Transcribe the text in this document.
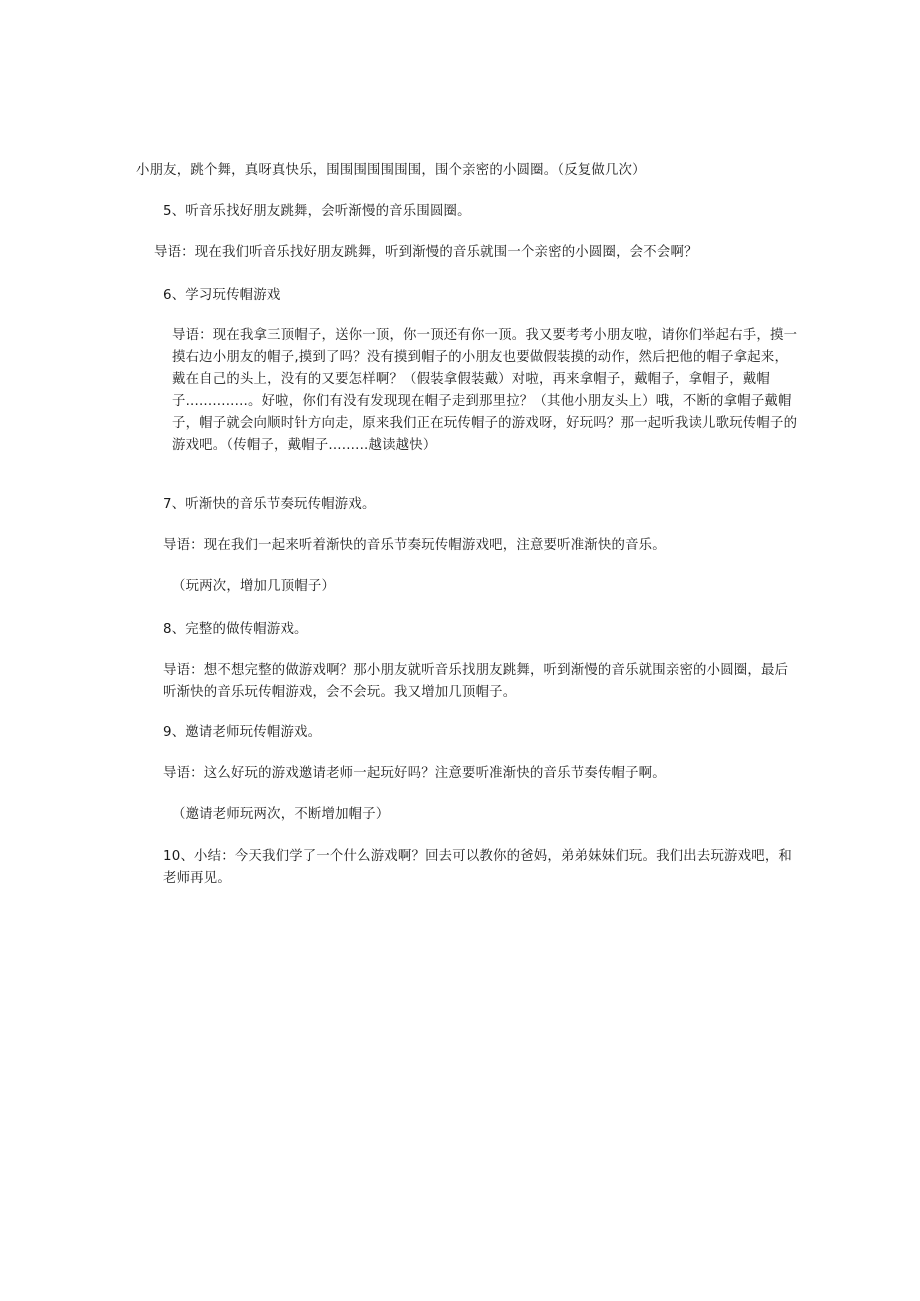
小朋友，跳个舞，真呀真快乐，围围围围围围围，围个亲密的小圆圈。（反复做几次）
5、听音乐找好朋友跳舞，会听渐慢的音乐围圆圈。
导语：现在我们听音乐找好朋友跳舞，听到渐慢的音乐就围一个亲密的小圆圈，会不会啊？
6、学习玩传帽游戏
导语：现在我拿三顶帽子，送你一顶，你一顶还有你一顶。我又要考考小朋友啦，请你们举起右手，摸一摸右边小朋友的帽子,摸到了吗？没有摸到帽子的小朋友也要做假装摸的动作，然后把他的帽子拿起来，戴在自己的头上，没有的又要怎样啊？（假装拿假装戴）对啦，再来拿帽子，戴帽子，拿帽子，戴帽子..............。好啦，你们有没有发现现在帽子走到那里拉？（其他小朋友头上）哦，不断的拿帽子戴帽子，帽子就会向顺时针方向走，原来我们正在玩传帽子的游戏呀，好玩吗？那一起听我读儿歌玩传帽子的游戏吧。（传帽子，戴帽子.........越读越快）
7、听渐快的音乐节奏玩传帽游戏。
导语：现在我们一起来听着渐快的音乐节奏玩传帽游戏吧，注意要听准渐快的音乐。
（玩两次，增加几顶帽子）
8、完整的做传帽游戏。
导语：想不想完整的做游戏啊？那小朋友就听音乐找朋友跳舞，听到渐慢的音乐就围亲密的小圆圈，最后听渐快的音乐玩传帽游戏，会不会玩。我又增加几顶帽子。
9、邀请老师玩传帽游戏。
导语：这么好玩的游戏邀请老师一起玩好吗？注意要听准渐快的音乐节奏传帽子啊。
（邀请老师玩两次，不断增加帽子）
10、小结：今天我们学了一个什么游戏啊？回去可以教你的爸妈，弟弟妹妹们玩。我们出去玩游戏吧，和老师再见。
